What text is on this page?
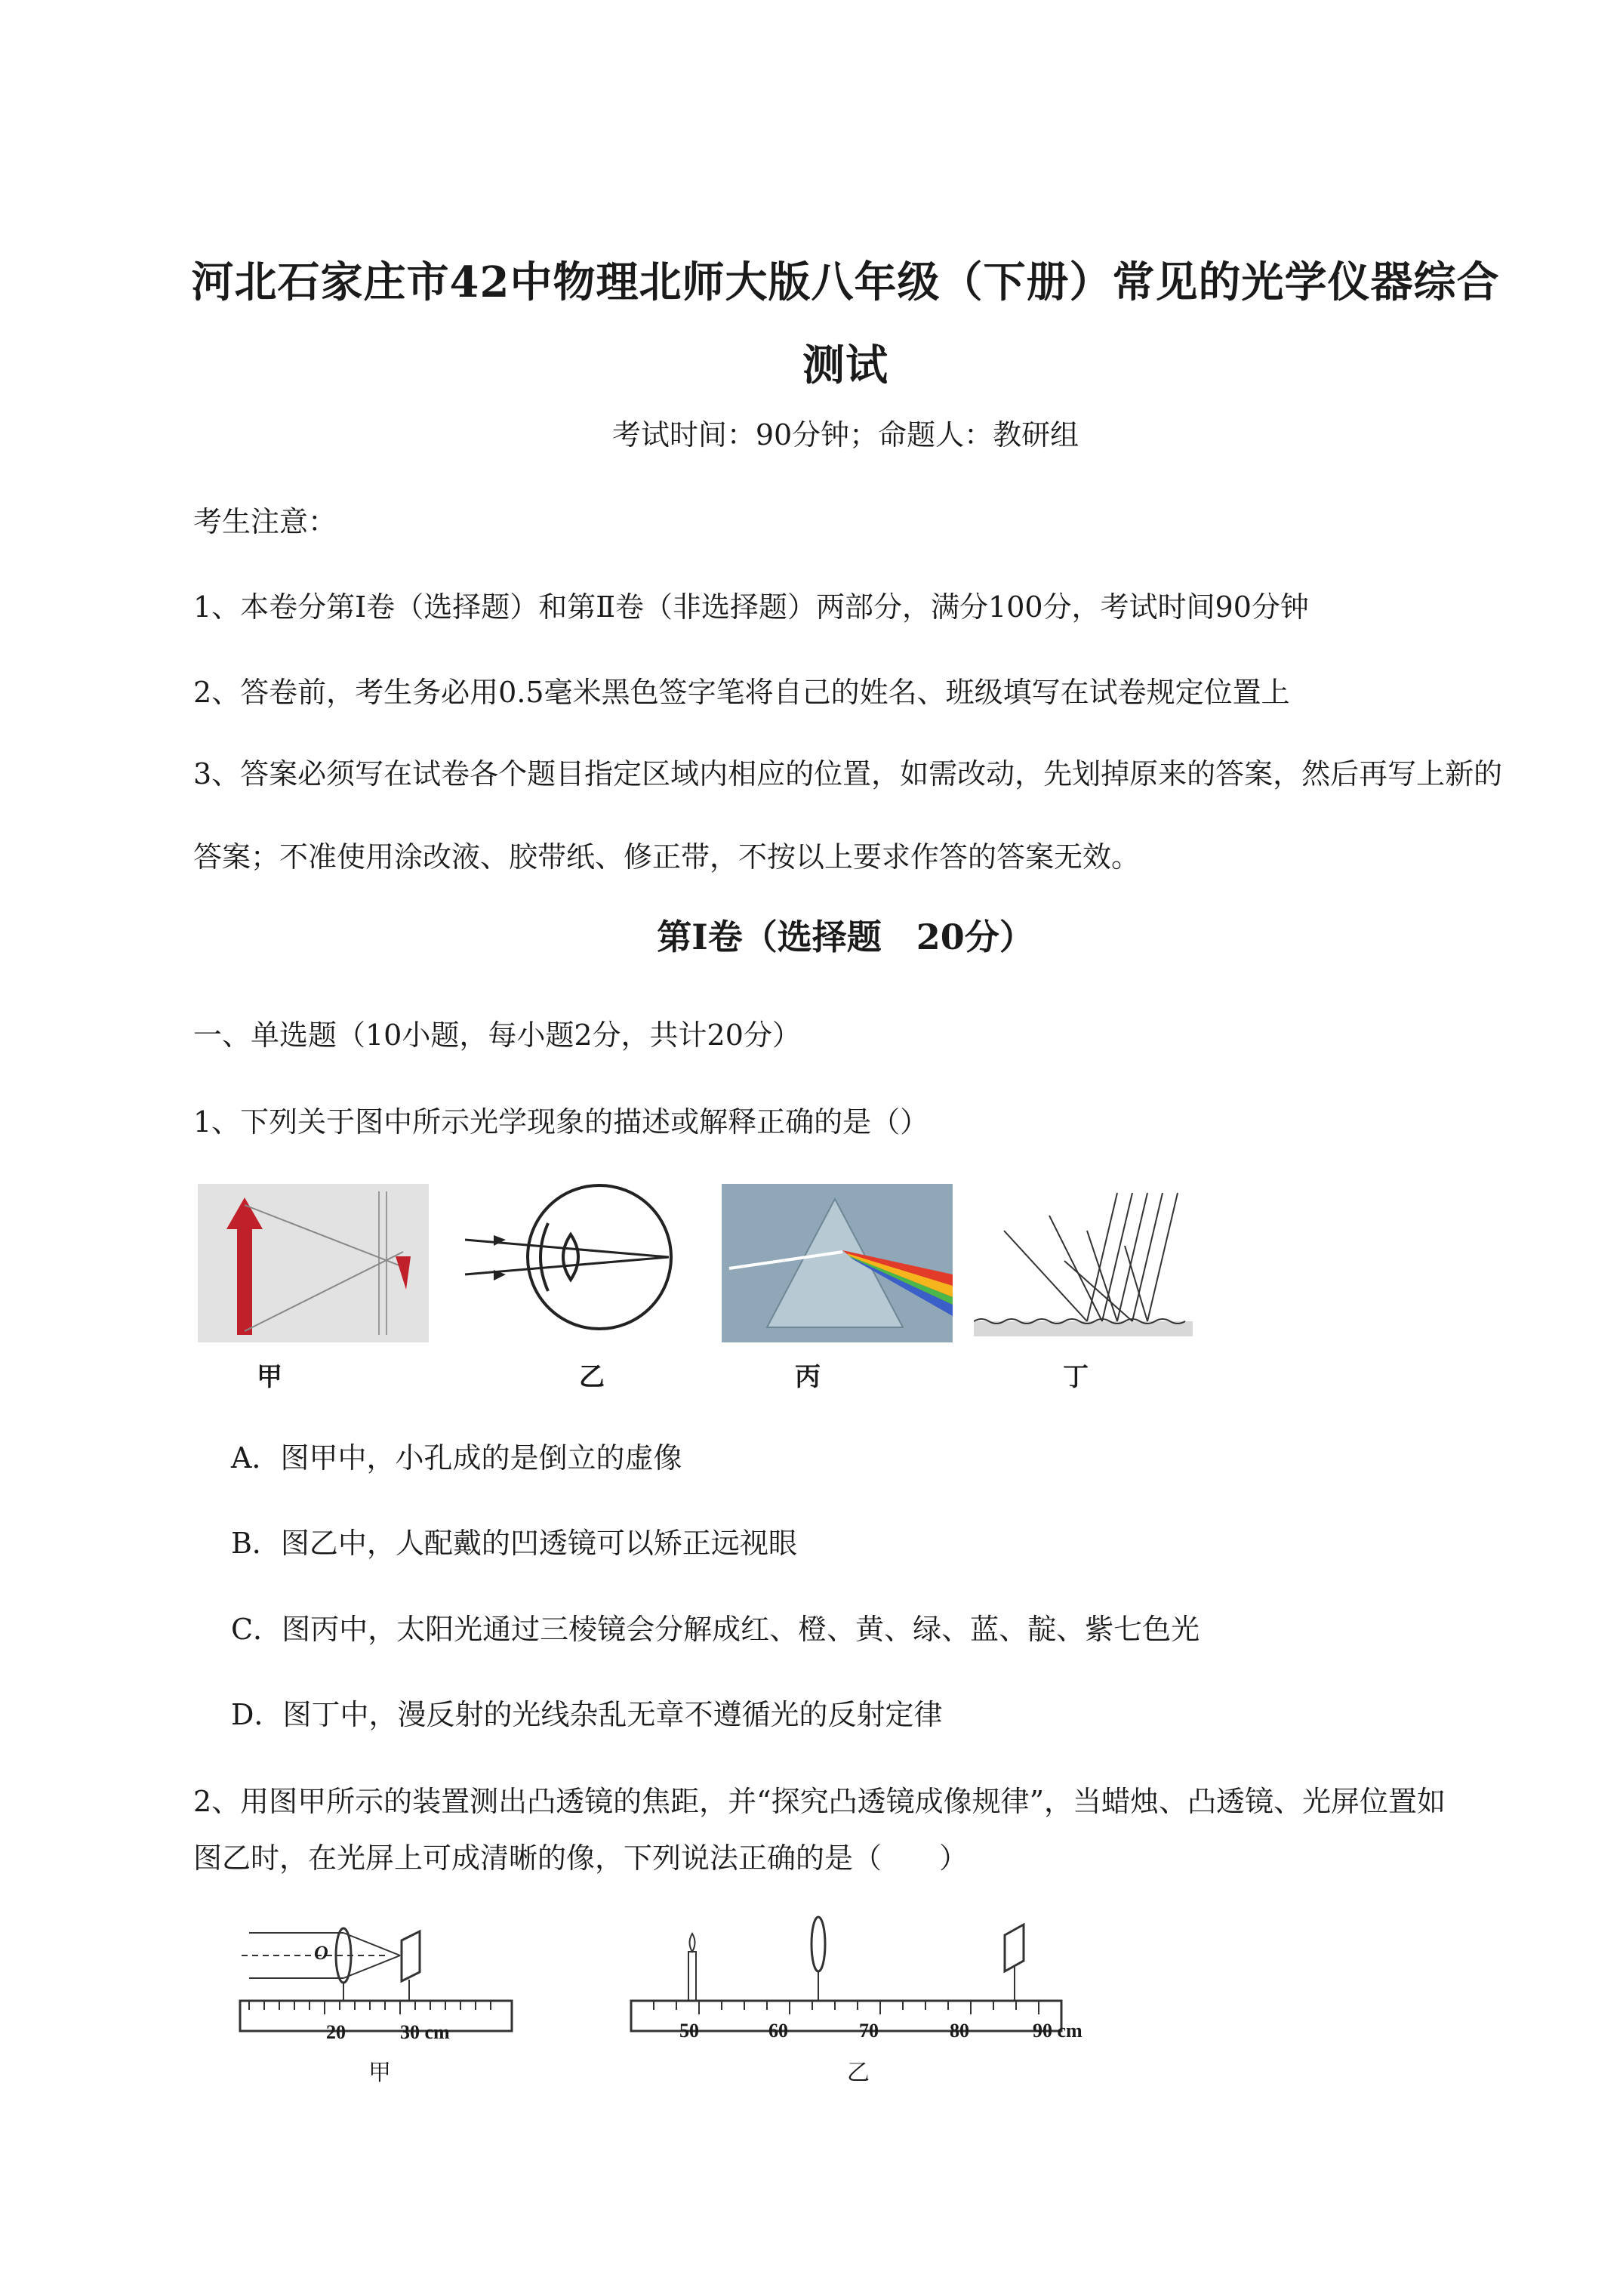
河北石家庄市42中物理北师大版八年级（下册）常见的光学仪器综合
测试
考试时间：90分钟；命题人：教研组
考生注意：
1、本卷分第Ⅰ卷（选择题）和第Ⅱ卷（非选择题）两部分，满分100分，考试时间90分钟
2、答卷前，考生务必用0.5毫米黑色签字笔将自己的姓名、班级填写在试卷规定位置上
3、答案必须写在试卷各个题目指定区域内相应的位置，如需改动，先划掉原来的答案，然后再写上新的答案；不准使用涂改液、胶带纸、修正带，不按以上要求作答的答案无效。
第Ⅰ卷（选择题　20分）
一、单选题（10小题，每小题2分，共计20分）
1、下列关于图中所示光学现象的描述或解释正确的是（）
甲	乙	丙	丁
A．图甲中，小孔成的是倒立的虚像
B．图乙中，人配戴的凹透镜可以矫正远视眼
C．图丙中，太阳光通过三棱镜会分解成红、橙、黄、绿、蓝、靛、紫七色光
D．图丁中，漫反射的光线杂乱无章不遵循光的反射定律
2、用图甲所示的装置测出凸透镜的焦距，并“探究凸透镜成像规律”，当蜡烛、凸透镜、光屏位置如
图乙时，在光屏上可成清晰的像，下列说法正确的是（　　）
20	30 cm
O
甲
50	60	70	80	90 cm
乙
